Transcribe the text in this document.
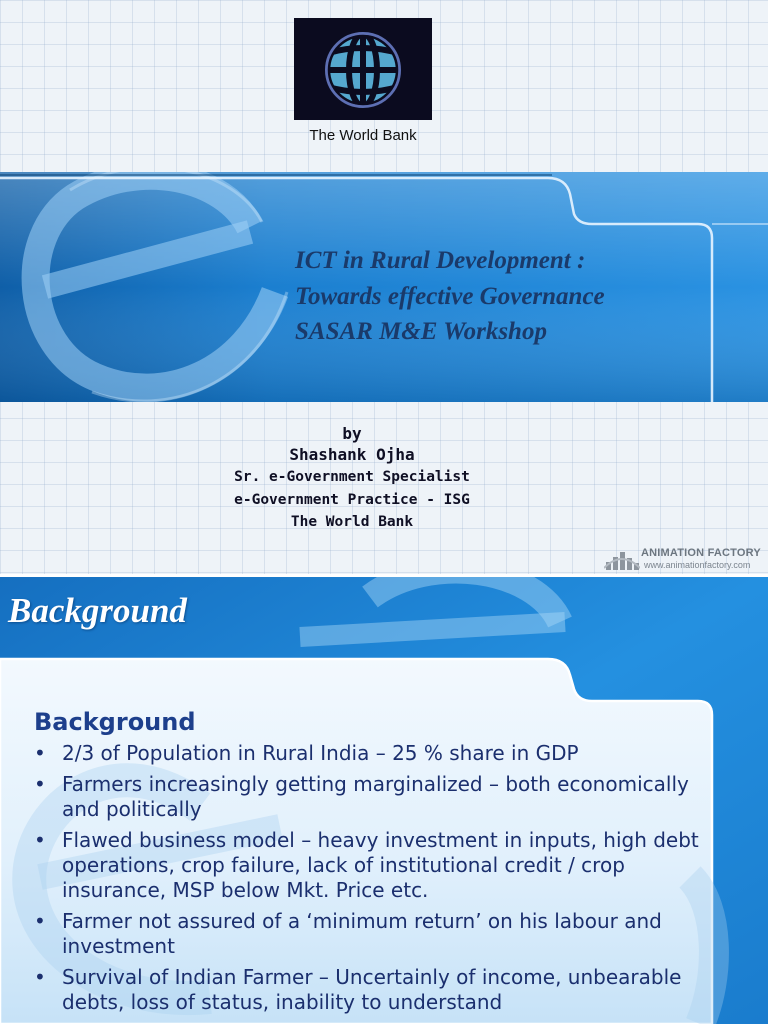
The World Bank
ICT in Rural Development :
Towards effective Governance
SASAR M&E Workshop
by
Shashank Ojha
Sr. e-Government Specialist
e-Government Practice - ISG
The World Bank
ANIMATION FACTORY
www.animationfactory.com
Background
Background
• 2/3 of Population in Rural India – 25 % share in GDP
• Farmers increasingly getting marginalized – both economically and politically
• Flawed business model – heavy investment in inputs, high debt operations, crop failure, lack of institutional credit / crop insurance, MSP below Mkt. Price etc.
• Farmer not assured of a ‘minimum return’ on his labour and investment
• Survival of Indian Farmer – Uncertainly of income, unbearable debts, loss of status, inability to understand
